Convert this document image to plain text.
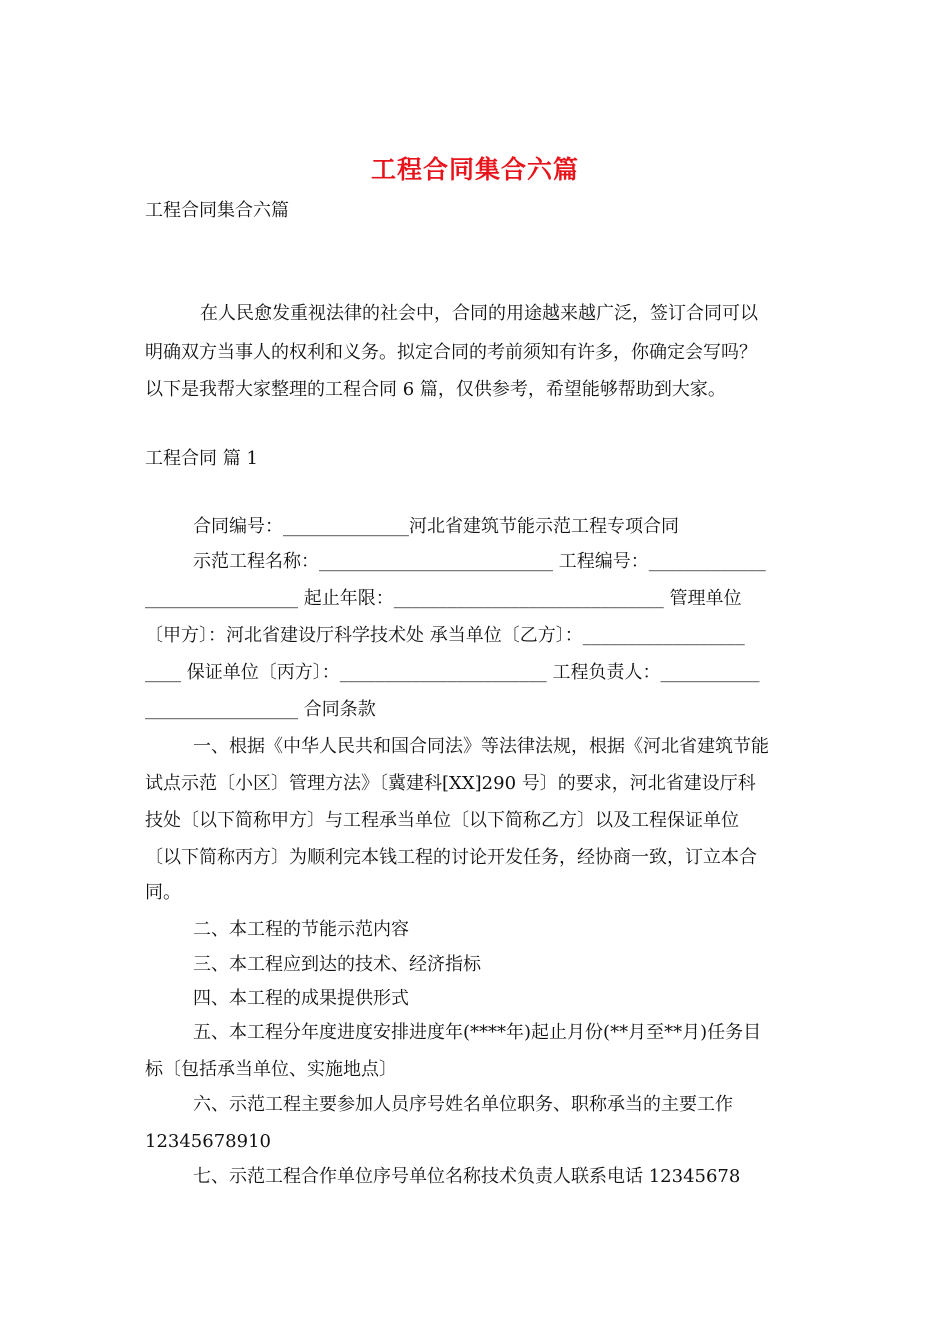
工程合同集合六篇
工程合同集合六篇
在人民愈发重视法律的社会中，合同的用途越来越广泛，签订合同可以
明确双方当事人的权利和义务。拟定合同的考前须知有许多，你确定会写吗？
以下是我帮大家整理的工程合同 6 篇，仅供参考，希望能够帮助到大家。
工程合同 篇 1
合同编号：______________河北省建筑节能示范工程专项合同
示范工程名称：__________________________ 工程编号：_____________
_________________ 起止年限：______________________________ 管理单位
〔甲方〕：河北省建设厅科学技术处 承当单位〔乙方〕：__________________
____ 保证单位〔丙方〕：_______________________ 工程负责人：___________
_________________ 合同条款
一、根据《中华人民共和国合同法》等法律法规，根据《河北省建筑节能
试点示范〔小区〕管理方法》〔冀建科[XX]290 号〕的要求，河北省建设厅科
技处〔以下简称甲方〕与工程承当单位〔以下简称乙方〕以及工程保证单位
〔以下简称丙方〕为顺利完本钱工程的讨论开发任务，经协商一致，订立本合
同。
二、本工程的节能示范内容
三、本工程应到达的技术、经济指标
四、本工程的成果提供形式
五、本工程分年度进度安排进度年(****年)起止月份(**月至**月)任务目
标〔包括承当单位、实施地点〕
六、示范工程主要参加人员序号姓名单位职务、职称承当的主要工作
12345678910
七、示范工程合作单位序号单位名称技术负责人联系电话 12345678
